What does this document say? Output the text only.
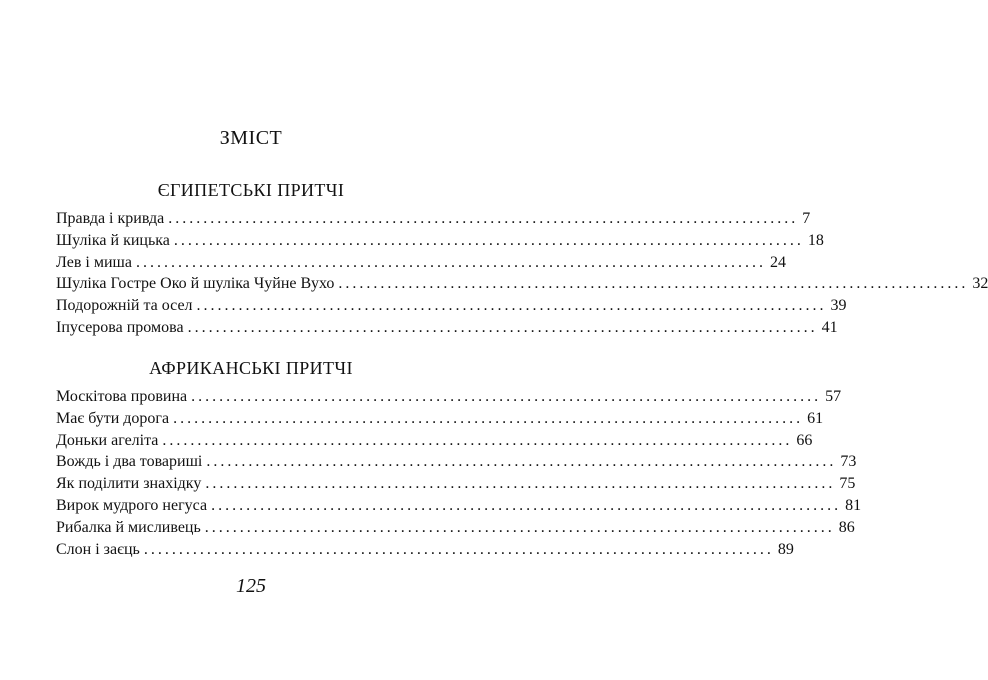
ЗМІСТ
ЄГИПЕТСЬКІ ПРИТЧІ
Правда і кривда .......................................................................................... 7
Шуліка й кицька .......................................................................................... 18
Лев і миша .......................................................................................... 24
Шуліка Гостре Око й шуліка Чуйне Вухо .......................................................................................... 32
Подорожній та осел .......................................................................................... 39
Іпусерова промова .......................................................................................... 41
АФРИКАНСЬКІ ПРИТЧІ
Москітова провина .......................................................................................... 57
Має бути дорога .......................................................................................... 61
Доньки агеліта .......................................................................................... 66
Вождь і два товариші .......................................................................................... 73
Як поділити знахідку .......................................................................................... 75
Вирок мудрого негуса .......................................................................................... 81
Рибалка й мисливець .......................................................................................... 86
Слон і заєць .......................................................................................... 89
125
